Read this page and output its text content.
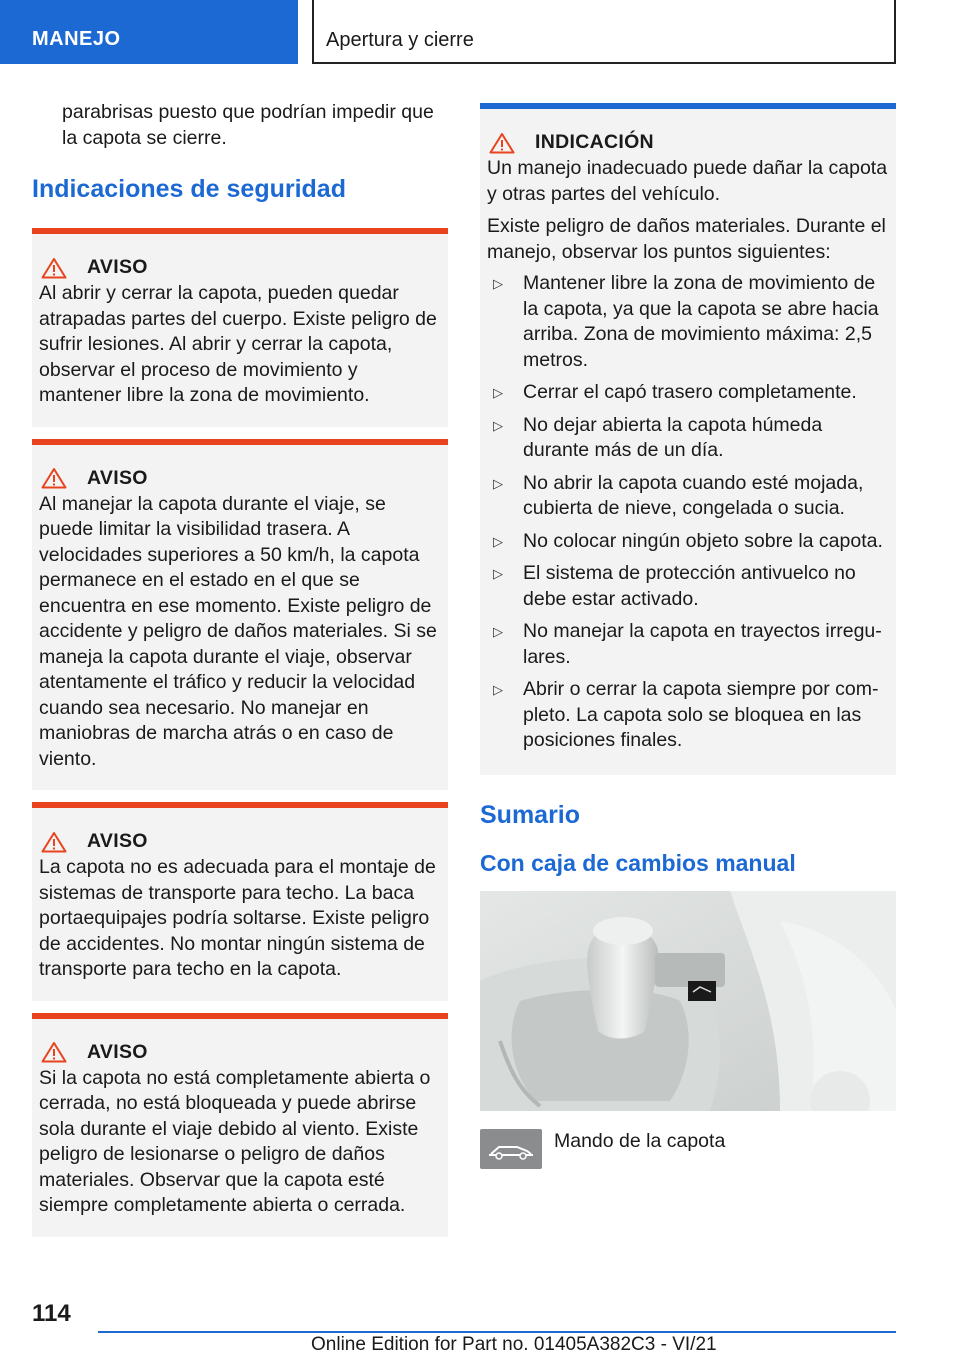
MANEJO	Apertura y cierre

parabrisas puesto que podrían impedir que la capota se cierre.

Indicaciones de seguridad
AVISO

Al abrir y cerrar la capota, pueden quedar atrapadas partes del cuerpo. Existe peligro de sufrir lesiones. Al abrir y cerrar la capota, observar el proceso de movimiento y mantener libre la zona de movimiento.

AVISO

Al manejar la capota durante el viaje, se puede limitar la visibilidad trasera. A velocidades superiores a 50 km/h, la capota permanece en el estado en el que se encuentra en ese momento. Existe peligro de accidente y peligro de daños materiales. Si se maneja la capota durante el viaje, observar atentamente el tráfico y reducir la velocidad cuando sea necesario. No manejar en maniobras de marcha atrás o en caso de viento.

AVISO

La capota no es adecuada para el montaje de sistemas de transporte para techo. La baca portaequipajes podría soltarse. Existe peligro de accidentes. No montar ningún sistema de transporte para techo en la capota.

AVISO

Si la capota no está completamente abierta o cerrada, no está bloqueada y puede abrirse sola durante el viaje debido al viento. Existe peligro de lesionarse o peligro de daños materiales. Observar que la capota esté siempre completamente abierta o cerrada.

INDICACIÓN

Un manejo inadecuado puede dañar la capota y otras partes del vehículo.

Existe peligro de daños materiales. Durante el manejo, observar los puntos siguientes:

▷	Mantener libre la zona de movimiento de la capota, ya que la capota se abre hacia arriba. Zona de movimiento máxima: 2,5 metros.
▷	Cerrar el capó trasero completamente.
▷	No dejar abierta la capota húmeda durante más de un día.
▷	No abrir la capota cuando esté mojada, cubierta de nieve, congelada o sucia.
▷	No colocar ningún objeto sobre la capota.
▷	El sistema de protección antivuelco no debe estar activado.
▷	No manejar la capota en trayectos irregulares.
▷	Abrir o cerrar la capota siempre por completo. La capota solo se bloquea en las posiciones finales.
Sumario
Con caja de cambios manual
Mando de la capota
114
Online Edition for Part no. 01405A382C3 - VI/21
